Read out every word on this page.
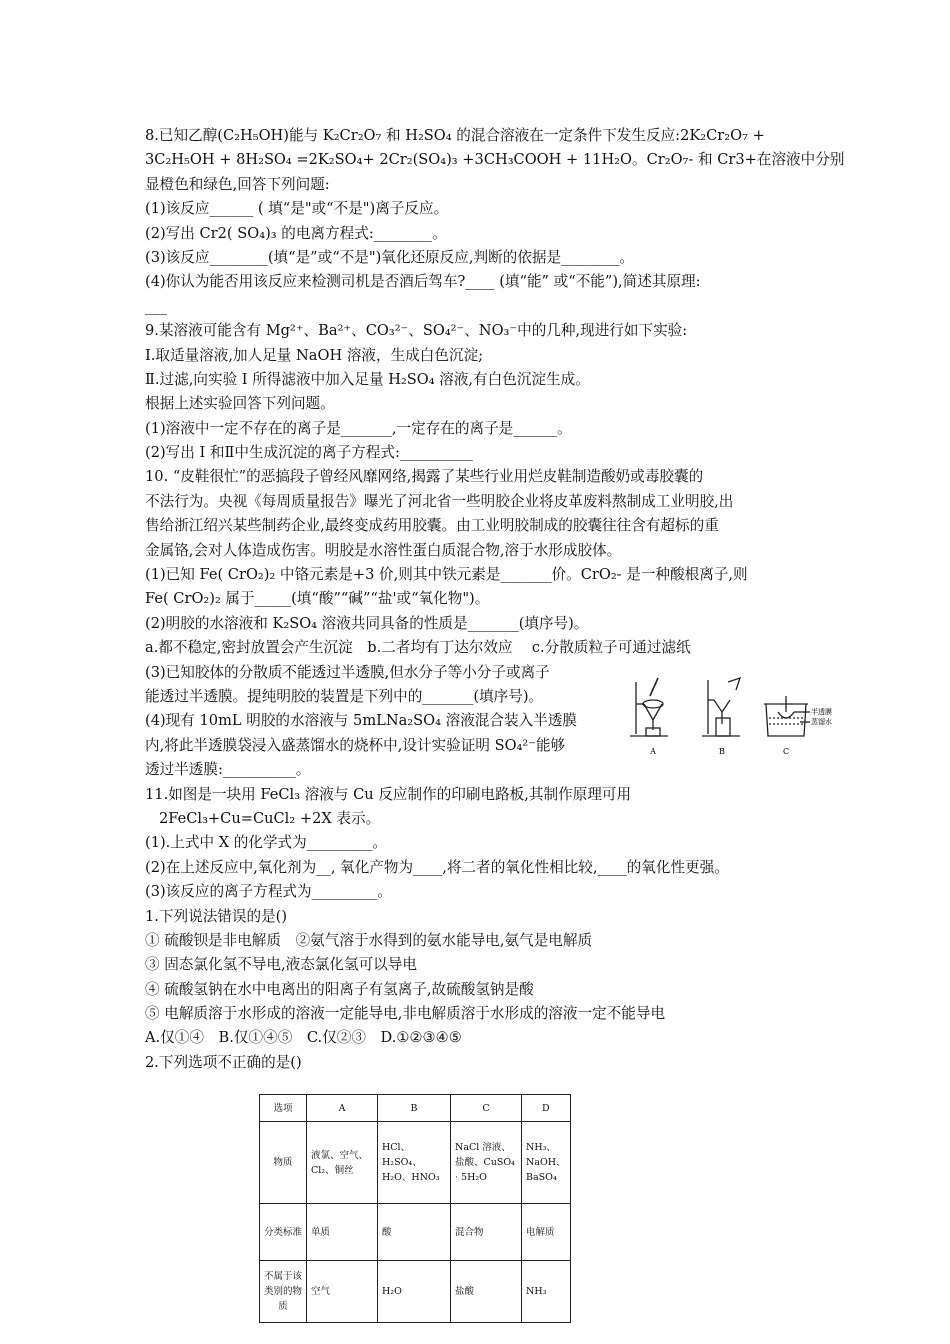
8.已知乙醇(C₂H₅OH)能与 K₂Cr₂O₇ 和 H₂SO₄ 的混合溶液在一定条件下发生反应:2K₂Cr₂O₇ +
3C₂H₅OH + 8H₂SO₄ =2K₂SO₄+ 2Cr₂(SO₄)₃ +3CH₃COOH + 11H₂O。Cr₂O₇- 和 Cr3+在溶液中分别
显橙色和绿色,回答下列问题:
(1)该反应______ ( 填“是"或“不是")离子反应。
(2)写出 Cr2( SO₄)₃ 的电离方程式:________。
(3)该反应________(填“是”或“不是")氧化还原反应,判断的依据是________。
(4)你认为能否用该反应来检测司机是否酒后驾车?____ (填“能” 或“不能”),简述其原理:
___
9.某溶液可能含有 Mg²⁺、Ba²⁺、CO₃²⁻、SO₄²⁻、NO₃⁻中的几种,现进行如下实验:
I.取适量溶液,加人足量 NaOH 溶液，生成白色沉淀;
Ⅱ.过滤,向实验 I 所得滤液中加入足量 H₂SO₄ 溶液,有白色沉淀生成。
根据上述实验回答下列问题。
(1)溶液中一定不存在的离子是_______,一定存在的离子是______。
(2)写出 I 和Ⅱ中生成沉淀的离子方程式:__________
10. “皮鞋很忙”的恶搞段子曾经风靡网络,揭露了某些行业用烂皮鞋制造酸奶或毒胶囊的
不法行为。央视《每周质量报告》曝光了河北省一些明胶企业将皮革废料熬制成工业明胶,出
售给浙江绍兴某些制药企业,最终变成药用胶囊。由工业明胶制成的胶囊往往含有超标的重
金属铬,会对人体造成伤害。明胶是水溶性蛋白质混合物,溶于水形成胶体。
(1)已知 Fe( CrO₂)₂ 中铬元素是+3 价,则其中铁元素是_______价。CrO₂- 是一种酸根离子,则
Fe( CrO₂)₂ 属于_____(填“酸”“碱”“盐'或“氧化物")。
(2)明胶的水溶液和 K₂SO₄ 溶液共同具备的性质是_______(填序号)。
a.都不稳定,密封放置会产生沉淀　b.二者均有丁达尔效应　 c.分散质粒子可通过滤纸
(3)已知胶体的分散质不能透过半透膜,但水分子等小分子或离子
能透过半透膜。提纯明胶的装置是下列中的_______(填序号)。
(4)现有 10mL 明胶的水溶液与 5mLNa₂SO₄ 溶液混合装入半透膜
内,将此半透膜袋浸入盛蒸馏水的烧杯中,设计实验证明 SO₄²⁻能够
透过半透膜:__________。
11.如图是一块用 FeCl₃ 溶液与 Cu 反应制作的印刷电路板,其制作原理可用
2FeCl₃+Cu=CuCl₂ +2X 表示。
(1).上式中 X 的化学式为_________。
(2)在上述反应中,氧化剂为__, 氧化产物为____,将二者的氧化性相比较,____的氧化性更强。
(3)该反应的离子方程式为_________。
1.下列说法错误的是()
① 硫酸钡是非电解质　②氨气溶于水得到的氨水能导电,氨气是电解质
③ 固态氯化氢不导电,液态氯化氢可以导电
④ 硫酸氢钠在水中电离出的阳离子有氢离子,故硫酸氢钠是酸
⑤ 电解质溶于水形成的溶液一定能导电,非电解质溶于水形成的溶液一定不能导电
A.仅①④　B.仅①④⑤　C.仅②③　D.①②③④⑤
2.下列选项不正确的是()
A	B
半透膜
蒸馏水
C
选项	A	B	C	D
物质	液氯、空气、Cl₂、铜丝	HCl、H₂SO₄、H₂O、HNO₃	NaCl 溶液、盐酸、CuSO₄ · 5H₂O	NH₃、NaOH、BaSO₄
分类标准	单质	酸	混合物	电解质
不属于该类别的物质	空气	H₂O	盐酸	NH₃
